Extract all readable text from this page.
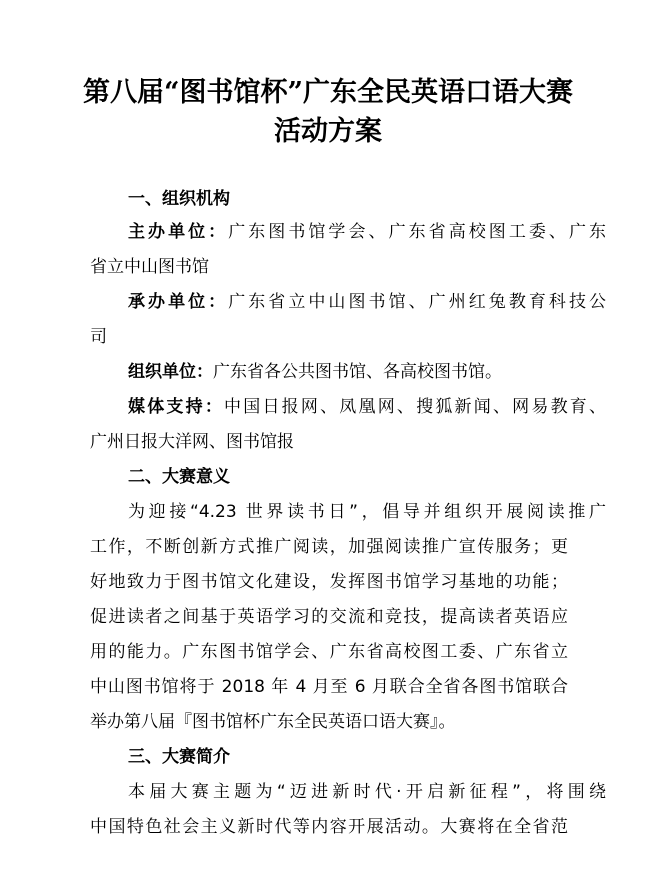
第八届“图书馆杯”广东全民英语口语大赛
活动方案
一、组织机构
主办单位：广东图书馆学会、广东省高校图工委、广东
省立中山图书馆
承办单位：广东省立中山图书馆、广州红兔教育科技公
司
组织单位：广东省各公共图书馆、各高校图书馆。
媒体支持：中国日报网、凤凰网、搜狐新闻、网易教育、
广州日报大洋网、图书馆报
二、大赛意义
为迎接“4.23 世界读书日”，倡导并组织开展阅读推广
工作，不断创新方式推广阅读，加强阅读推广宣传服务；更
好地致力于图书馆文化建设，发挥图书馆学习基地的功能；
促进读者之间基于英语学习的交流和竞技，提高读者英语应
用的能力。广东图书馆学会、广东省高校图工委、广东省立
中山图书馆将于 2018 年 4 月至 6 月联合全省各图书馆联合
举办第八届『图书馆杯广东全民英语口语大赛』。
三、大赛简介
本届大赛主题为“迈进新时代·开启新征程”，将围绕
中国特色社会主义新时代等内容开展活动。大赛将在全省范
